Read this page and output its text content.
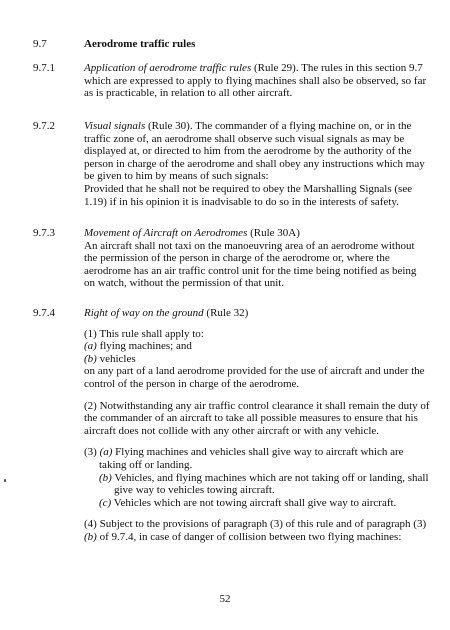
9.7	Aerodrome traffic rules
9.7.1	Application of aerodrome traffic rules (Rule 29). The rules in this section 9.7 which are expressed to apply to flying machines shall also be observed, so far as is practicable, in relation to all other aircraft.

9.7.2	Visual signals (Rule 30). The commander of a flying machine on, or in the traffic zone of, an aerodrome shall observe such visual signals as may be displayed at, or directed to him from the aerodrome by the authority of the person in charge of the aerodrome and shall obey any instructions which may be given to him by means of such signals:

Provided that he shall not be required to obey the Marshalling Signals (see 1.19) if in his opinion it is inadvisable to do so in the interests of safety.

9.7.3	Movement of Aircraft on Aerodromes (Rule 30A)

An aircraft shall not taxi on the manoeuvring area of an aerodrome without the permission of the person in charge of the aerodrome or, where the aerodrome has an air traffic control unit for the time being notified as being on watch, without the permission of that unit.

9.7.4	Right of way on the ground (Rule 32)

(1) This rule shall apply to:
(a) flying machines; and
(b) vehicles
on any part of a land aerodrome provided for the use of aircraft and under the control of the person in charge of the aerodrome.

(2) Notwithstanding any air traffic control clearance it shall remain the duty of the commander of an aircraft to take all possible measures to ensure that his aircraft does not collide with any other aircraft or with any vehicle.

(3) (a) Flying machines and vehicles shall give way to aircraft which are taking off or landing.
(b) Vehicles, and flying machines which are not taking off or landing, shall give way to vehicles towing aircraft.
(c) Vehicles which are not towing aircraft shall give way to aircraft.

(4) Subject to the provisions of paragraph (3) of this rule and of paragraph (3)(b) of 9.7.4, in case of danger of collision between two flying machines:

52
